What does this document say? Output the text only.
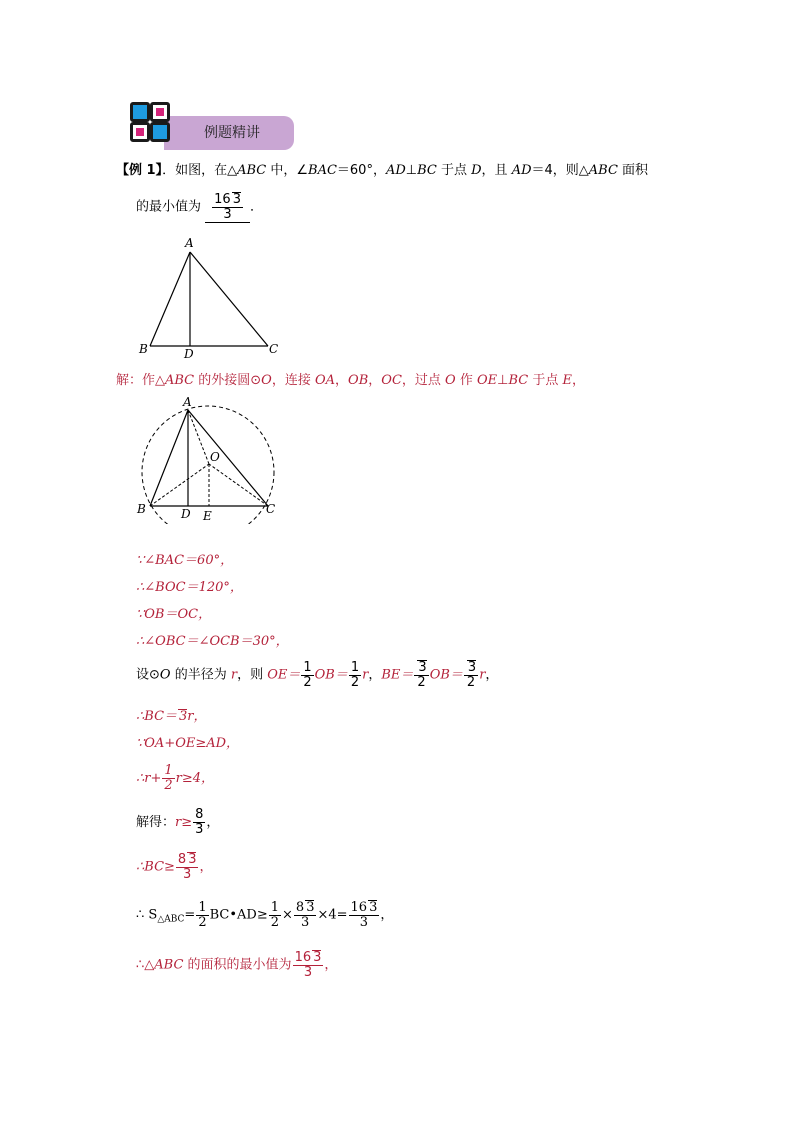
例题精讲
【例 1】．如图，在△ABC 中，∠BAC＝60°，AD⊥BC 于点 D，且 AD＝4，则△ABC 面积
的最小值为 $\frac{16 3}{3}$ ．
A
B	C
D
解：作△ABC 的外接圆⊙O，连接 OA，OB，OC，过点 O 作 OE⊥BC 于点 E，
A
B	C
D E
O
∵∠BAC＝60°，
∴∠BOC＝120°，
∵OB＝OC，
∴∠OBC＝∠OCB＝30°，
设⊙O 的半径为 r，则 $OE= \frac{1}{2} OB= \frac{1}{2}$ r，$BE= \frac{3}{2} OB= \frac{3}{2}$ r，
∴BC＝ 3r，
∵OA+OE≥AD，
∴r+ $\frac{1}{2} r\ge 4$，
解得：$r\ge \frac{8}{3}$ ，
∴BC≥ $\frac{8 3}{3}$ ，
∴ $S_{\triangle ABC}= \frac{1}{2}$ BC•AD≥ $\frac{1}{2} \times \frac{8 3}{3} \times 4= \frac{16 3}{3}$ ，
∴△ABC 的面积的最小值为 $\frac{16 3}{3}$ ，
